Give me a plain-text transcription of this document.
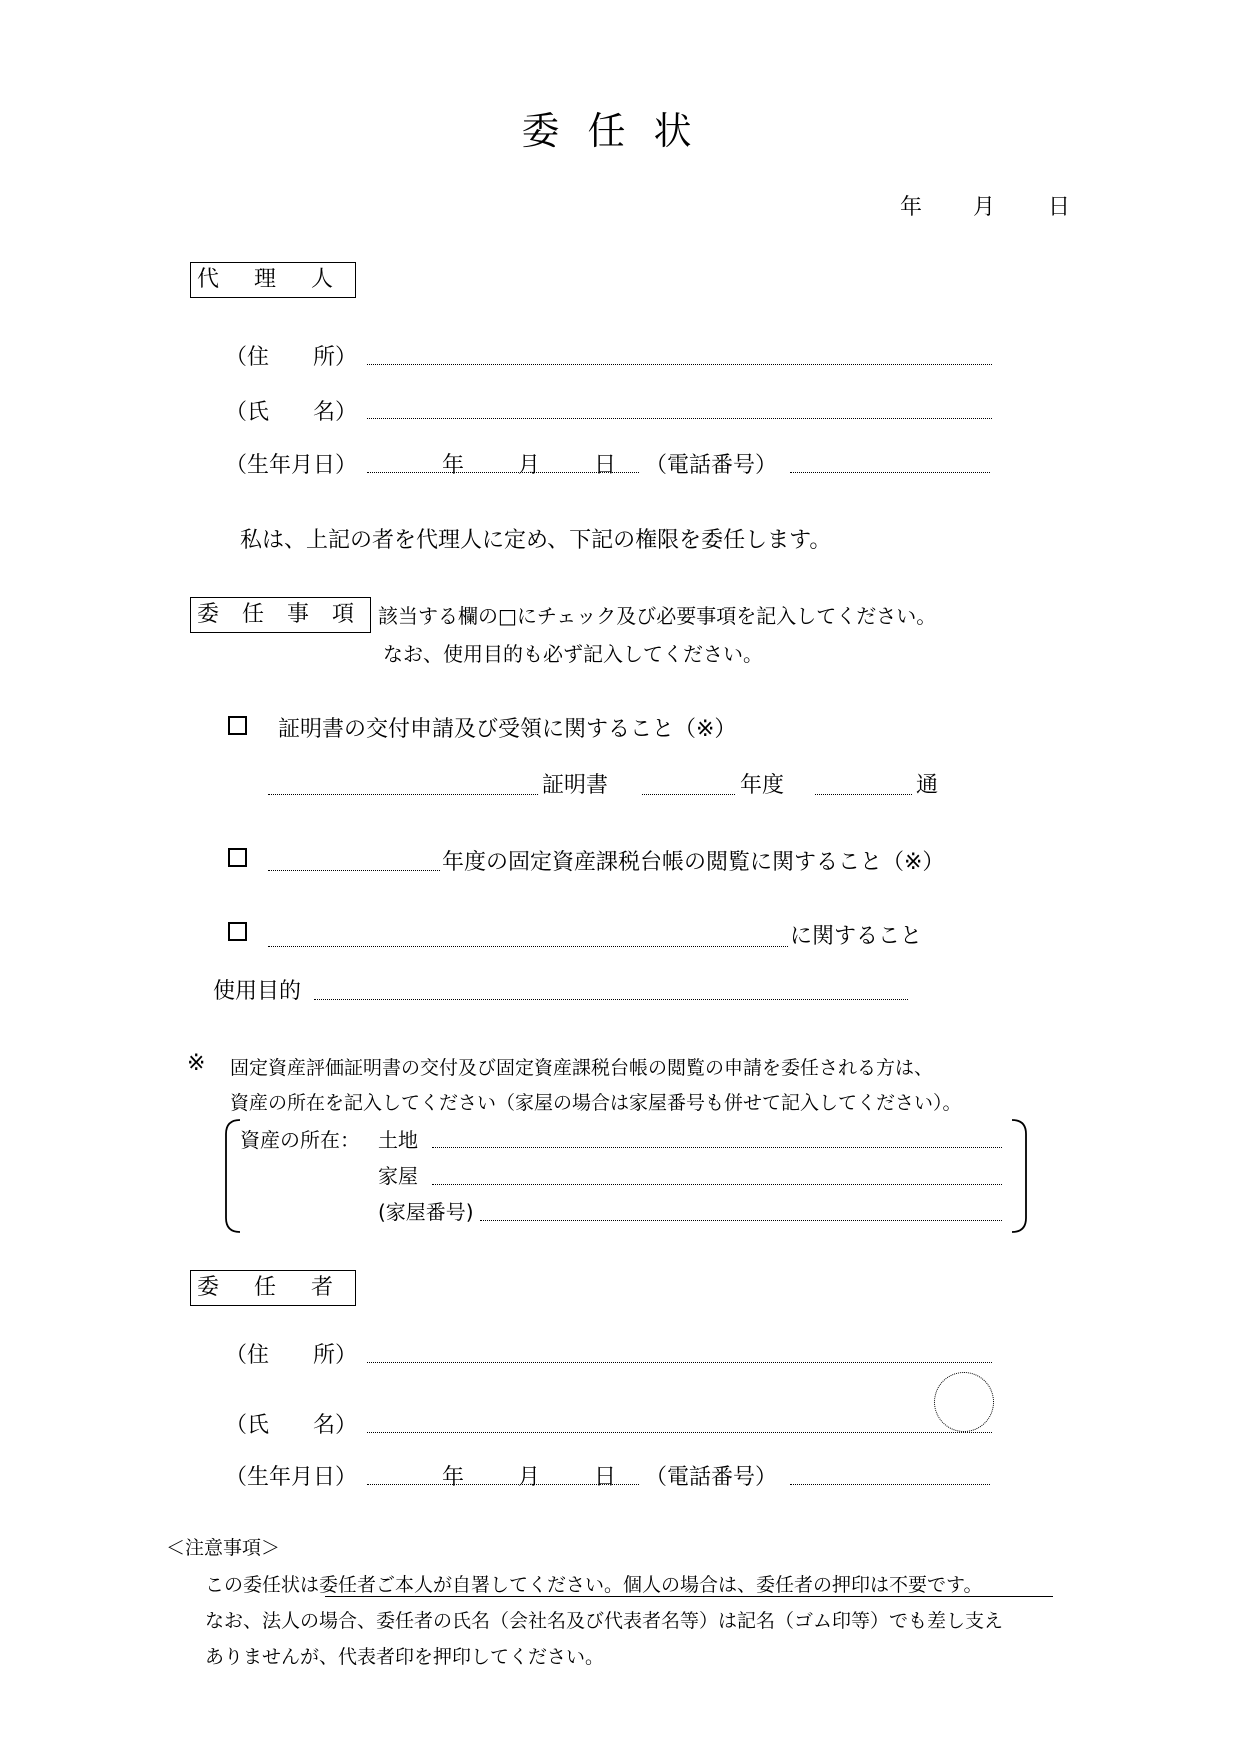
委任状
年 月 日
代 理 人
（住　　所）
（氏　　名）
（生年月日）	年 月 日 （電話番号）
私は、上記の者を代理人に定め、下記の権限を委任します。
委 任 事 項 該当する欄の□にチェック及び必要事項を記入してください。
なお、使用目的も必ず記入してください。
証明書の交付申請及び受領に関すること（※）
証明書	年度	通
年度の固定資産課税台帳の閲覧に関すること（※）
に関すること
使用目的
※ 固定資産評価証明書の交付及び固定資産課税台帳の閲覧の申請を委任される方は、
資産の所在を記入してください（家屋の場合は家屋番号も併せて記入してください）。
資産の所在： 土地
家屋
(家屋番号)
委 任 者
（住　　所）
（氏　　名）
（生年月日）	年 月 日 （電話番号）
＜注意事項＞
この委任状は委任者ご本人が自署してください。個人の場合は、委任者の押印は不要です。
なお、法人の場合、委任者の氏名（会社名及び代表者名等）は記名（ゴム印等）でも差し支え
ありませんが、代表者印を押印してください。
